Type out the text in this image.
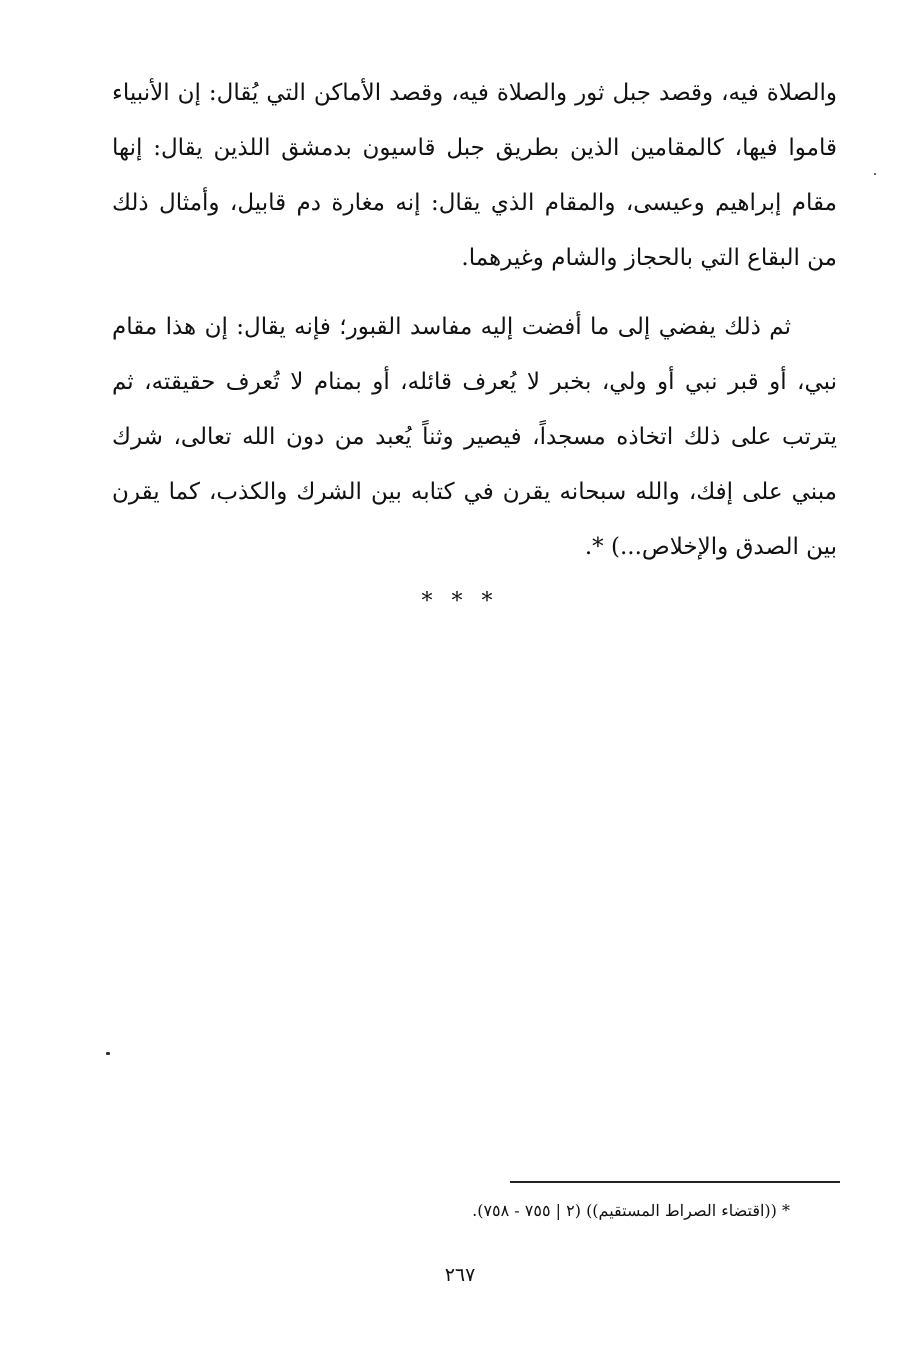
والصلاة فيه، وقصد جبل ثور والصلاة فيه، وقصد الأماكن التي يُقال: إن الأنبياء قاموا فيها، كالمقامين الذين بطريق جبل قاسيون بدمشق اللذين يقال: إنها مقام إبراهيم وعيسى، والمقام الذي يقال: إنه مغارة دم قابيل، وأمثال ذلك من البقاع التي بالحجاز والشام وغيرهما.

ثم ذلك يفضي إلى ما أفضت إليه مفاسد القبور؛ فإنه يقال: إن هذا مقام نبي، أو قبر نبي أو ولي، بخبر لا يُعرف قائله، أو بمنام لا تُعرف حقيقته، ثم يترتب على ذلك اتخاذه مسجداً، فيصير وثناً يُعبد من دون الله تعالى، شرك مبني على إفك، والله سبحانه يقرن في كتابه بين الشرك والكذب، كما يقرن بين الصدق والإخلاص...) *.

* * *
* ((اقتضاء الصراط المستقيم)) (٢ | ٧٥٥ - ٧٥٨).
٢٦٧
